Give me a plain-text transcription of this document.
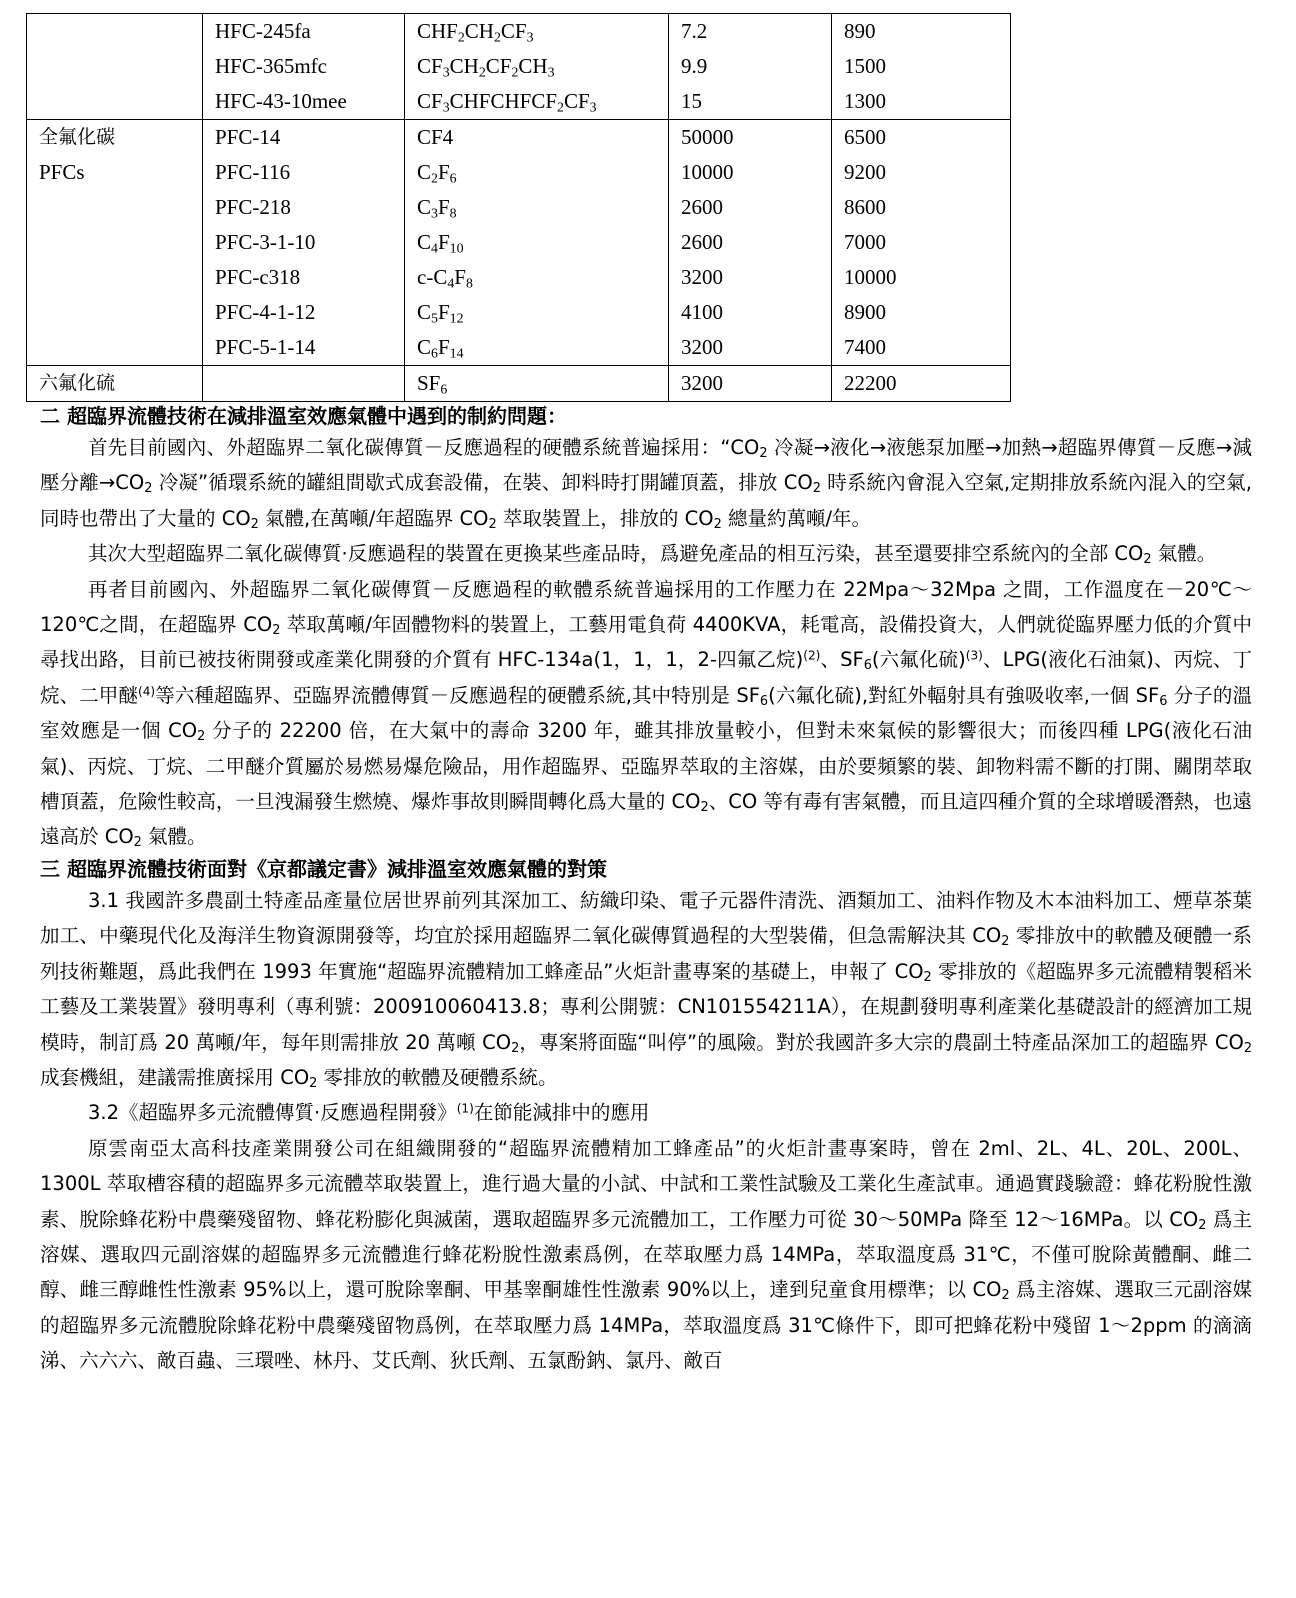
	HFC-245fa	$CHF_2CH_2CF_3$	7.2	890
	HFC-365mfc	$CF_3CH_2CF_2CH_3$	9.9	1500
	HFC-43-10mee	$CF_3CHFCHFCF_2CF_3$	15	1300
全氟化碳	PFC-14	CF4	50000	6500
PFCs	PFC-116	$C_2F_6$	10000	9200
	PFC-218	$C_3F_8$	2600	8600
	PFC-3-1-10	$C_4F_{10}$	2600	7000
	PFC-c318	$c-C_4F_8$	3200	10000
	PFC-4-1-12	$C_5F_{12}$	4100	8900
	PFC-5-1-14	$C_6F_{14}$	3200	7400
六氟化硫		$SF_6$	3200	22200
二 超臨界流體技術在減排溫室效應氣體中遇到的制約問題：

首先目前國內、外超臨界二氧化碳傳質－反應過程的硬體系統普遍採用：“$CO_2$ 冷凝→液化→液態泵加壓→加熱→超臨界傳質－反應→減壓分離$\to CO_2$ 冷凝”循環系統的罐組間歇式成套設備，在裝、卸料時打開罐頂蓋，排放 $CO_2$ 時系統內會混入空氣,定期排放系統內混入的空氣,同時也帶出了大量的 $CO_2$ 氣體,在萬噸/年超臨界 $CO_2$ 萃取裝置上，排放的 $CO_2$ 總量約萬噸/年。

其次大型超臨界二氧化碳傳質·反應過程的裝置在更換某些產品時，爲避免產品的相互污染，甚至還要排空系統內的全部 $CO_2$ 氣體。

再者目前國內、外超臨界二氧化碳傳質－反應過程的軟體系統普遍採用的工作壓力在 22Mpa～32Mpa 之間，工作溫度在－20℃～120℃之間，在超臨界 $CO_2$ 萃取萬噸/年固體物料的裝置上，工藝用電負荷 4400KVA，耗電高，設備投資大，人們就從臨界壓力低的介質中尋找出路，目前已被技術開發或產業化開發的介質有 HFC-134a(1，1，1，2-四氟乙烷)$^{(2)}$、$SF_6$(六氟化硫)$^{(3)}$、LPG(液化石油氣)、丙烷、丁烷、二甲醚$^{(4)}$等六種超臨界、亞臨界流體傳質－反應過程的硬體系統,其中特別是 $SF_6$(六氟化硫),對紅外輻射具有強吸收率,一個 $SF_6$ 分子的溫室效應是一個 $CO_2$ 分子的 22200 倍，在大氣中的壽命 3200 年，雖其排放量較小，但對未來氣候的影響很大；而後四種 LPG(液化石油氣)、丙烷、丁烷、二甲醚介質屬於易燃易爆危險品，用作超臨界、亞臨界萃取的主溶媒，由於要頻繁的裝、卸物料需不斷的打開、關閉萃取槽頂蓋，危險性較高，一旦洩漏發生燃燒、爆炸事故則瞬間轉化爲大量的 $CO_2$、CO 等有毒有害氣體，而且這四種介質的全球增暖潛熱，也遠遠高於 $CO_2$ 氣體。

三 超臨界流體技術面對《京都議定書》減排溫室效應氣體的對策

3.1 我國許多農副土特產品產量位居世界前列其深加工、紡織印染、電子元器件清洗、酒類加工、油料作物及木本油料加工、煙草茶葉加工、中藥現代化及海洋生物資源開發等，均宜於採用超臨界二氧化碳傳質過程的大型裝備，但急需解決其 $CO_2$ 零排放中的軟體及硬體一系列技術難題，爲此我們在 1993 年實施“超臨界流體精加工蜂產品”火炬計畫專案的基礎上，申報了 $CO_2$ 零排放的《超臨界多元流體精製稻米工藝及工業裝置》發明專利（專利號：200910060413.8；專利公開號：CN101554211A），在規劃發明專利產業化基礎設計的經濟加工規模時，制訂爲 20 萬噸/年，每年則需排放 20 萬噸 $CO_2$，專案將面臨“叫停”的風險。對於我國許多大宗的農副土特產品深加工的超臨界 $CO_2$ 成套機組，建議需推廣採用 $CO_2$ 零排放的軟體及硬體系統。

3.2《超臨界多元流體傳質·反應過程開發》$^{(1)}$在節能減排中的應用

原雲南亞太高科技產業開發公司在組織開發的“超臨界流體精加工蜂產品”的火炬計畫專案時，曾在 2ml、2L、4L、20L、200L、1300L 萃取槽容積的超臨界多元流體萃取裝置上，進行過大量的小試、中試和工業性試驗及工業化生產試車。通過實踐驗證：蜂花粉脫性激素、脫除蜂花粉中農藥殘留物、蜂花粉膨化與滅菌，選取超臨界多元流體加工，工作壓力可從 30～50MPa 降至 12～16MPa。以 $CO_2$ 爲主溶媒、選取四元副溶媒的超臨界多元流體進行蜂花粉脫性激素爲例，在萃取壓力爲 14MPa，萃取溫度爲 31℃，不僅可脫除黃體酮、雌二醇、雌三醇雌性性激素 95%以上，還可脫除睾酮、甲基睾酮雄性性激素 90%以上，達到兒童食用標準；以 $CO_2$ 爲主溶媒、選取三元副溶媒的超臨界多元流體脫除蜂花粉中農藥殘留物爲例，在萃取壓力爲 14MPa，萃取溫度爲 31℃條件下，即可把蜂花粉中殘留 1～2ppm 的滴滴涕、六六六、敵百蟲、三環唑、林丹、艾氏劑、狄氏劑、五氯酚鈉、氯丹、敵百
